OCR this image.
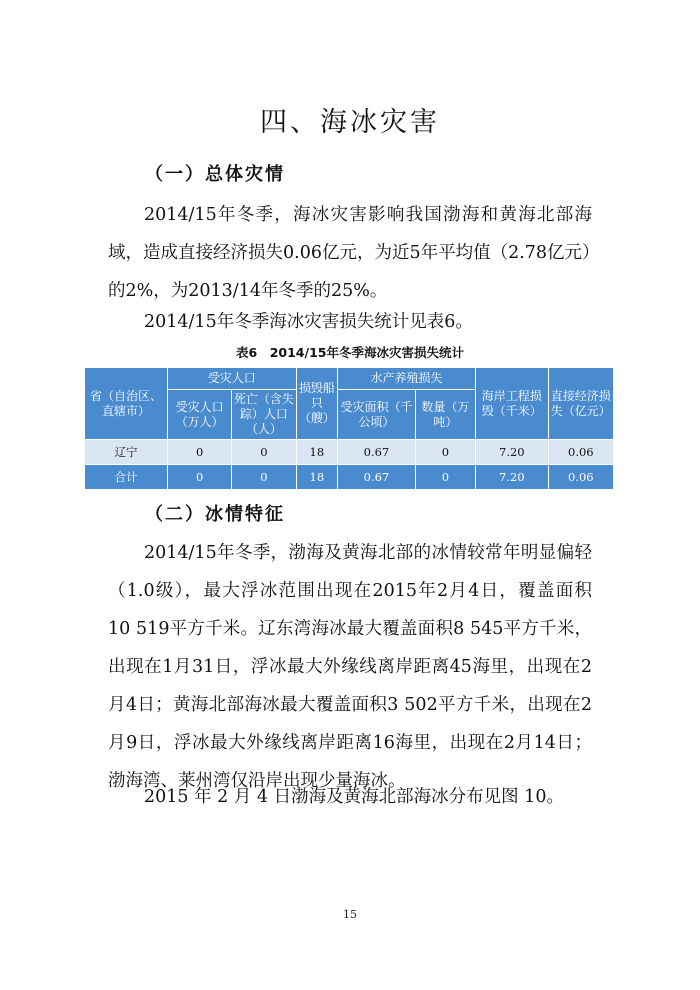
四、海冰灾害
（一）总体灾情
2014/15年冬季，海冰灾害影响我国渤海和黄海北部海
域，造成直接经济损失0.06亿元，为近5年平均值（2.78亿元）
的2%，为2013/14年冬季的25%。
2014/15年冬季海冰灾害损失统计见表6。
表6　2014/15年冬季海冰灾害损失统计
省（自治区、直辖市）	受灾人口		损毁船只（艘）	水产养殖损失		海岸工程损毁（千米）	直接经济损失（亿元）
	受灾人口（万人）	死亡（含失踪）人口（人）		受灾面积（千公顷）	数量（万吨）		
辽宁	0	0	18	0.67	0	7.20	0.06
合计	0	0	18	0.67	0	7.20	0.06
（二）冰情特征
2014/15年冬季，渤海及黄海北部的冰情较常年明显偏轻
（1.0级），最大浮冰范围出现在2015年2月4日，覆盖面积
10 519平方千米。辽东湾海冰最大覆盖面积8 545平方千米，
出现在1月31日，浮冰最大外缘线离岸距离45海里，出现在2
月4日；黄海北部海冰最大覆盖面积3 502平方千米，出现在2
月9日，浮冰最大外缘线离岸距离16海里，出现在2月14日；
渤海湾、莱州湾仅沿岸出现少量海冰。
2015 年 2 月 4 日渤海及黄海北部海冰分布见图 10。
15
